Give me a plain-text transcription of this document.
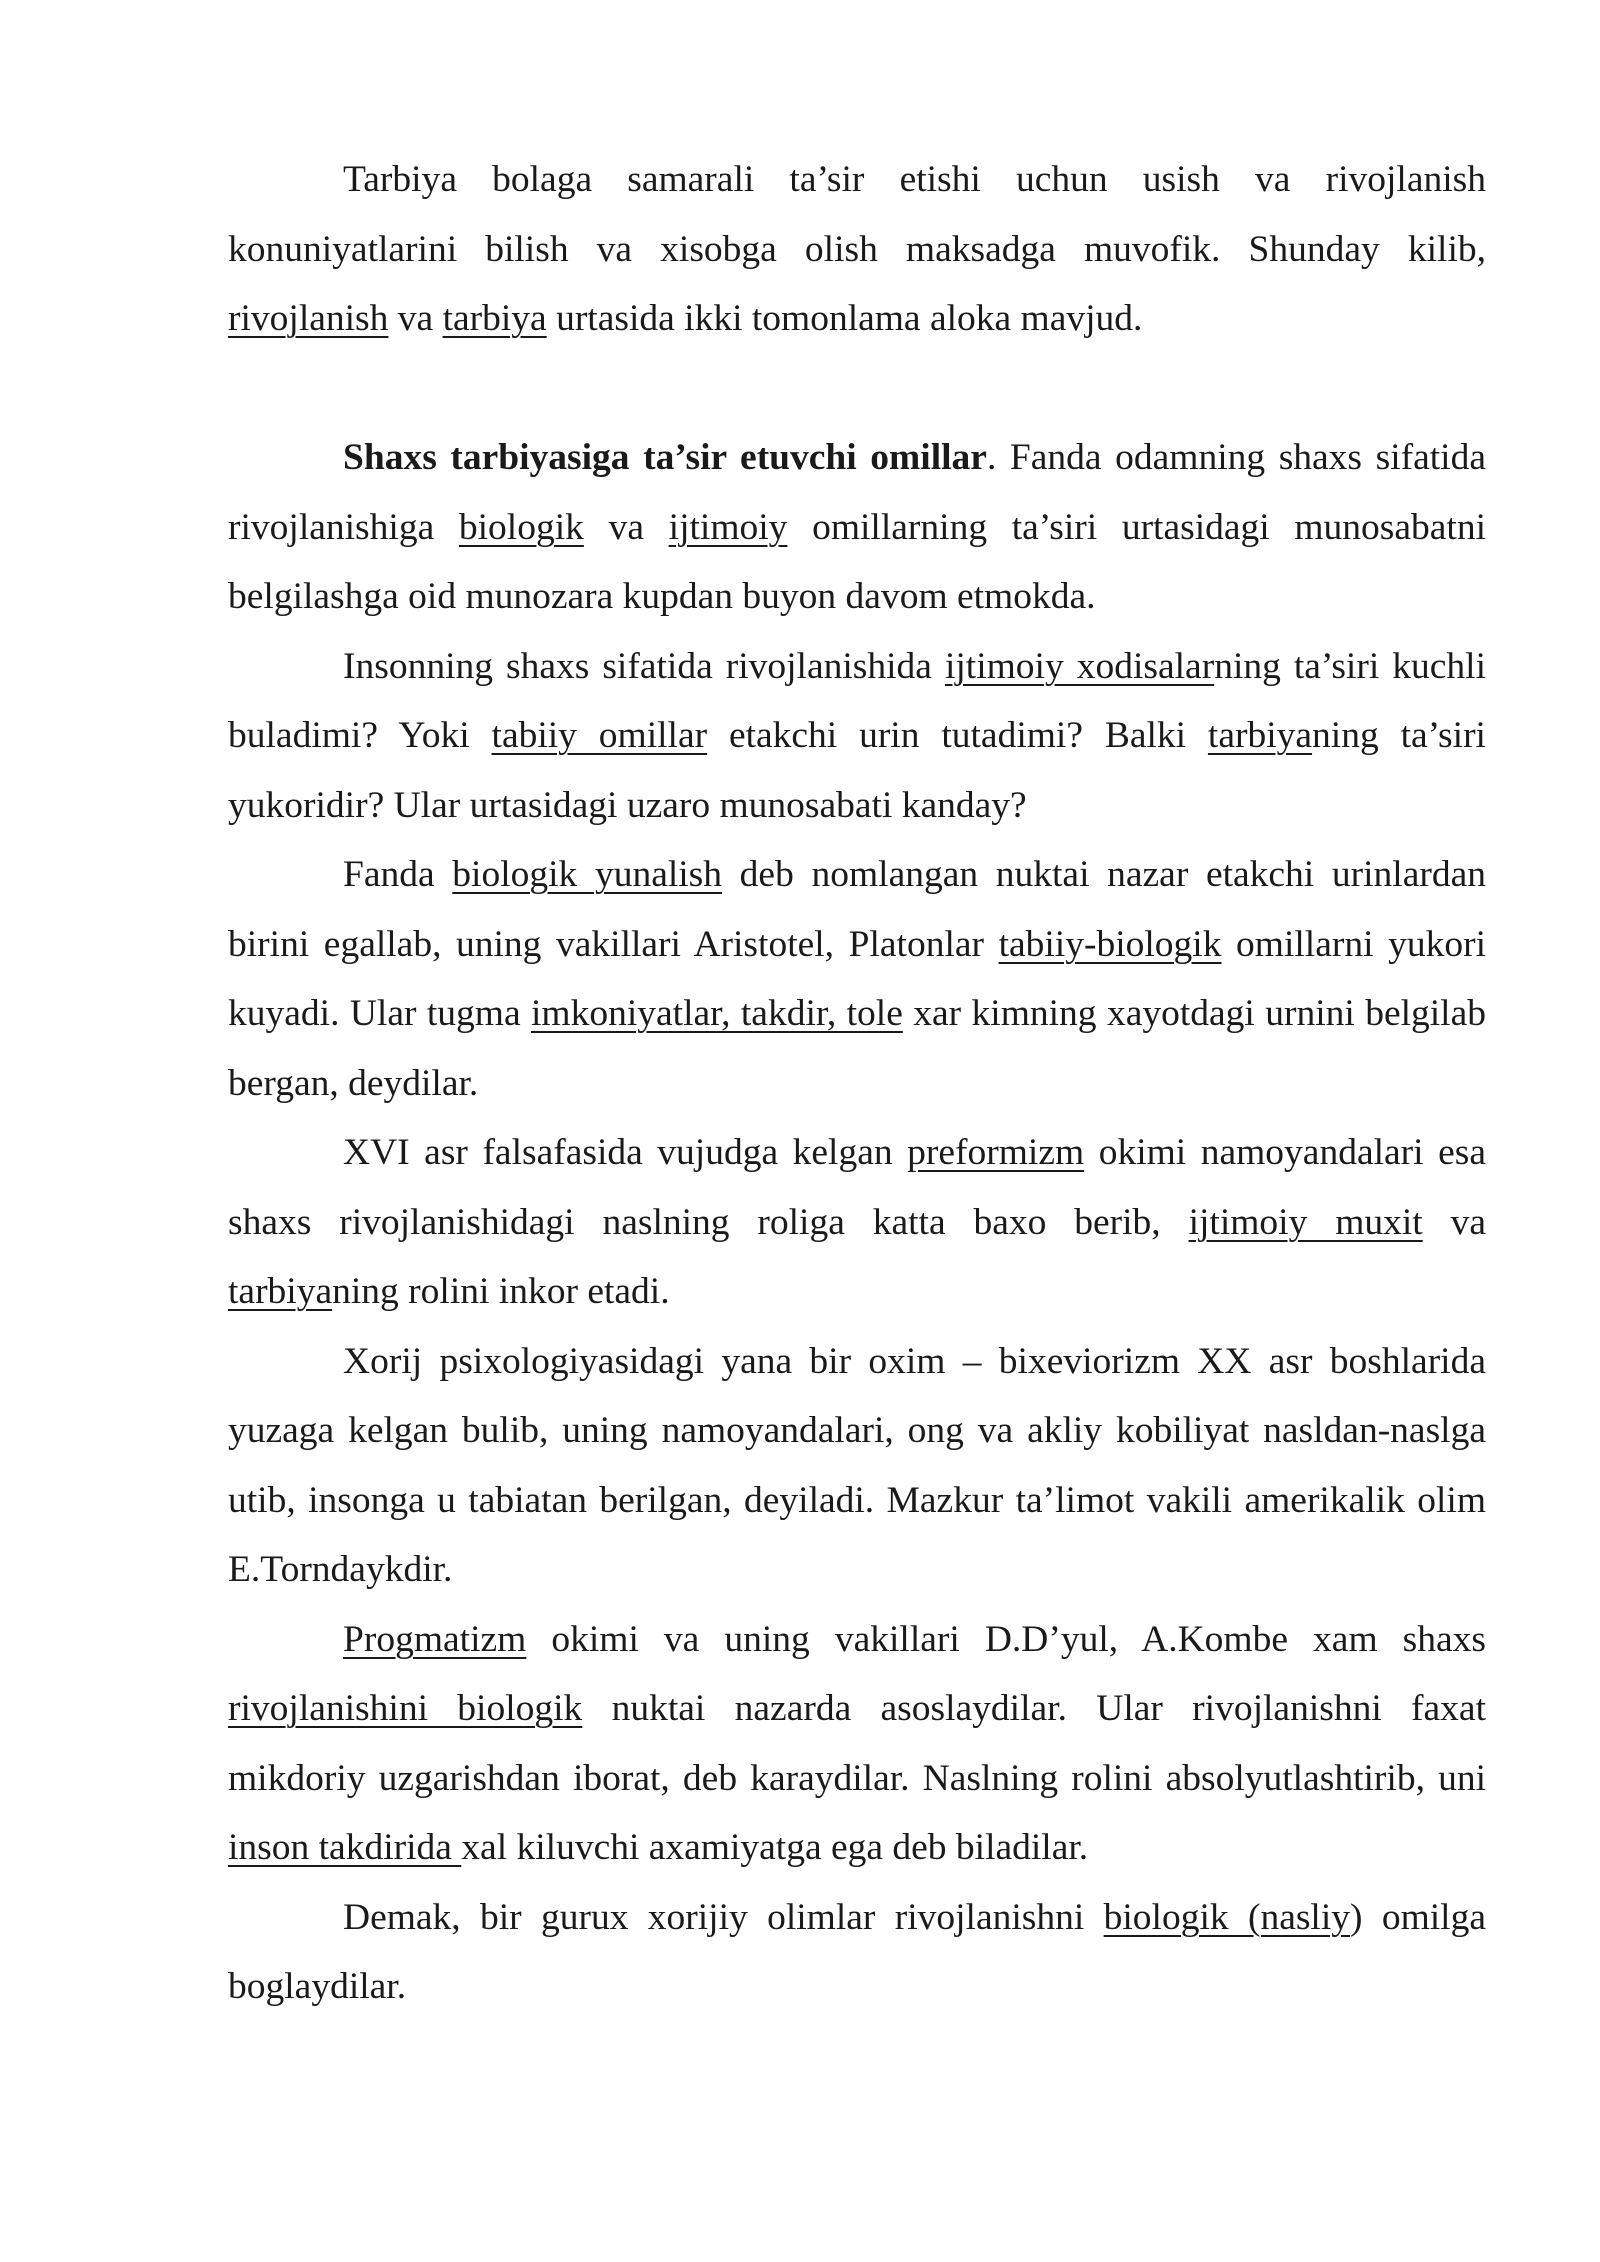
Tarbiya bolaga samarali ta’sir etishi uchun usish va rivojlanish konuniyatlarini bilish va xisobga olish maksadga muvofik. Shunday kilib, rivojlanish va tarbiya urtasida ikki tomonlama aloka mavjud.

Shaxs tarbiyasiga ta’sir etuvchi omillar. Fanda odamning shaxs sifatida rivojlanishiga biologik va ijtimoiy omillarning ta’siri urtasidagi munosabatni belgilashga oid munozara kupdan buyon davom etmokda.

Insonning shaxs sifatida rivojlanishida ijtimoiy xodisalarning ta’siri kuchli buladimi? Yoki tabiiy omillar etakchi urin tutadimi? Balki tarbiyaning ta’siri yukoridir? Ular urtasidagi uzaro munosabati kanday?

Fanda biologik yunalish deb nomlangan nuktai nazar etakchi urinlardan birini egallab, uning vakillari Aristotel, Platonlar tabiiy-biologik omillarni yukori kuyadi. Ular tugma imkoniyatlar, takdir, tole xar kimning xayotdagi urnini belgilab bergan, deydilar.

XVI asr falsafasida vujudga kelgan preformizm okimi namoyandalari esa shaxs rivojlanishidagi naslning roliga katta baxo berib, ijtimoiy muxit va tarbiyaning rolini inkor etadi.

Xorij psixologiyasidagi yana bir oxim – bixeviorizm XX asr boshlarida yuzaga kelgan bulib, uning namoyandalari, ong va akliy kobiliyat nasldan-naslga utib, insonga u tabiatan berilgan, deyiladi. Mazkur ta’limot vakili amerikalik olim E.Torndaykdir.

Progmatizm okimi va uning vakillari D.D’yul, A.Kombe xam shaxs rivojlanishini biologik nuktai nazarda asoslaydilar. Ular rivojlanishni faxat mikdoriy uzgarishdan iborat, deb karaydilar. Naslning rolini absolyutlashtirib, uni inson takdirida xal kiluvchi axamiyatga ega deb biladilar.

Demak, bir gurux xorijiy olimlar rivojlanishni biologik (nasliy) omilga boglaydilar.
